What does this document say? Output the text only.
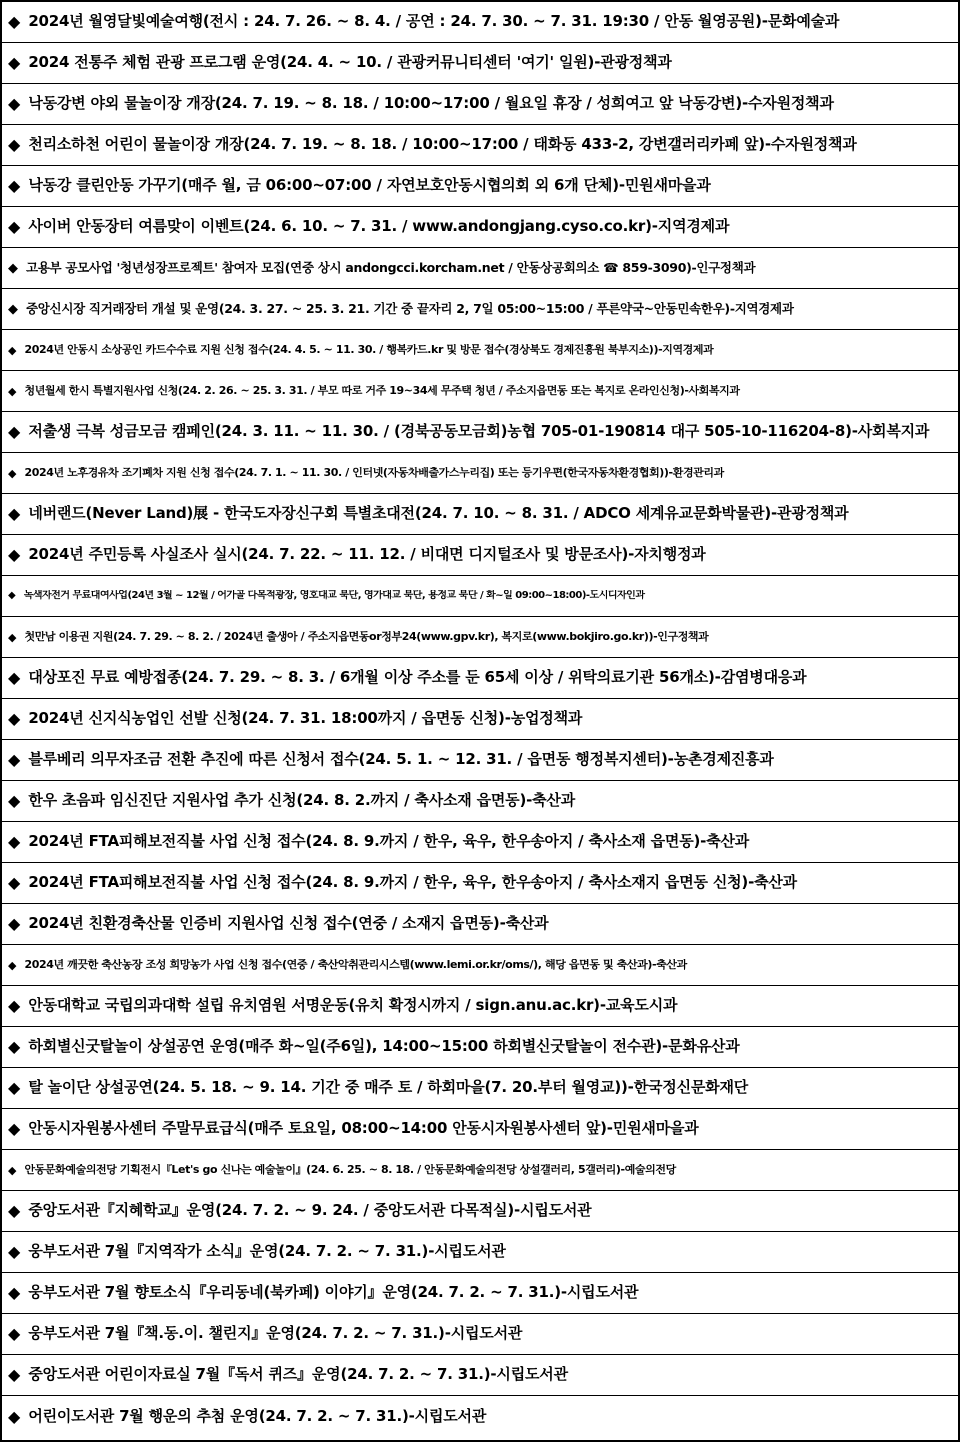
◆ 2024년 월영달빛예술여행(전시 : 24. 7. 26. ~ 8. 4. / 공연 : 24. 7. 30. ~ 7. 31. 19:30 / 안동 월영공원)-문화예술과
◆ 2024 전통주 체험 관광 프로그램 운영(24. 4. ~ 10. / 관광커뮤니티센터 '여기' 일원)-관광정책과
◆ 낙동강변 야외 물놀이장 개장(24. 7. 19. ~ 8. 18. / 10:00~17:00 / 월요일 휴장 / 성희여고 앞 낙동강변)-수자원정책과
◆ 천리소하천 어린이 물놀이장 개장(24. 7. 19. ~ 8. 18. / 10:00~17:00 / 태화동 433-2, 강변갤러리카페 앞)-수자원정책과
◆ 낙동강 클린안동 가꾸기(매주 월, 금 06:00~07:00 / 자연보호안동시협의회 외 6개 단체)-민원새마을과
◆ 사이버 안동장터 여름맞이 이벤트(24. 6. 10. ~ 7. 31. / www.andongjang.cyso.co.kr)-지역경제과
◆ 고용부 공모사업 '청년성장프로젝트' 참여자 모집(연중 상시 andongcci.korcham.net / 안동상공회의소 ☎ 859-3090)-인구정책과
◆ 중앙신시장 직거래장터 개설 및 운영(24. 3. 27. ~ 25. 3. 21. 기간 중 끝자리 2, 7일 05:00~15:00 / 푸른약국~안동민속한우)-지역경제과
◆ 2024년 안동시 소상공인 카드수수료 지원 신청 접수(24. 4. 5. ~ 11. 30. / 행복카드.kr 및 방문 접수(경상북도 경제진흥원 북부지소))-지역경제과
◆ 청년월세 한시 특별지원사업 신청(24. 2. 26. ~ 25. 3. 31. / 부모 따로 거주 19~34세 무주택 청년 / 주소지읍면동 또는 복지로 온라인신청)-사회복지과
◆ 저출생 극복 성금모금 캠페인(24. 3. 11. ~ 11. 30. / (경북공동모금회)농협 705-01-190814 대구 505-10-116204-8)-사회복지과
◆ 2024년 노후경유차 조기폐차 지원 신청 접수(24. 7. 1. ~ 11. 30. / 인터넷(자동차배출가스누리집) 또는 등기우편(한국자동차환경협회))-환경관리과
◆ 네버랜드(Never Land)展 - 한국도자장신구회 특별초대전(24. 7. 10. ~ 8. 31. / ADCO 세계유교문화박물관)-관광정책과
◆ 2024년 주민등록 사실조사 실시(24. 7. 22. ~ 11. 12. / 비대면 디지털조사 및 방문조사)-자치행정과
◆ 녹색자전거 무료대여사업(24년 3월 ~ 12월 / 어가골 다목적광장, 영호대교 북단, 영가대교 북단, 용정교 북단 / 화~일 09:00~18:00)-도시디자인과
◆ 첫만남 이용권 지원(24. 7. 29. ~ 8. 2. / 2024년 출생아 / 주소지읍면동or정부24(www.gpv.kr), 복지로(www.bokjiro.go.kr))-인구정책과
◆ 대상포진 무료 예방접종(24. 7. 29. ~ 8. 3. / 6개월 이상 주소를 둔 65세 이상 / 위탁의료기관 56개소)-감염병대응과
◆ 2024년 신지식농업인 선발 신청(24. 7. 31. 18:00까지 / 읍면동 신청)-농업정책과
◆ 블루베리 의무자조금 전환 추진에 따른 신청서 접수(24. 5. 1. ~ 12. 31. / 읍면동 행정복지센터)-농촌경제진흥과
◆ 한우 초음파 임신진단 지원사업 추가 신청(24. 8. 2.까지 / 축사소재 읍면동)-축산과
◆ 2024년 FTA피해보전직불 사업 신청 접수(24. 8. 9.까지 / 한우, 육우, 한우송아지 / 축사소재 읍면동)-축산과
◆ 2024년 FTA피해보전직불 사업 신청 접수(24. 8. 9.까지 / 한우, 육우, 한우송아지 / 축사소재지 읍면동 신청)-축산과
◆ 2024년 친환경축산물 인증비 지원사업 신청 접수(연중 / 소재지 읍면동)-축산과
◆ 2024년 깨끗한 축산농장 조성 희망농가 사업 신청 접수(연중 / 축산악취관리시스템(www.lemi.or.kr/oms/), 해당 읍면동 및 축산과)-축산과
◆ 안동대학교 국립의과대학 설립 유치염원 서명운동(유치 확정시까지 / sign.anu.ac.kr)-교육도시과
◆ 하회별신굿탈놀이 상설공연 운영(매주 화~일(주6일), 14:00~15:00 하회별신굿탈놀이 전수관)-문화유산과
◆ 탈 놀이단 상설공연(24. 5. 18. ~ 9. 14. 기간 중 매주 토 / 하회마을(7. 20.부터 월영교))-한국정신문화재단
◆ 안동시자원봉사센터 주말무료급식(매주 토요일, 08:00~14:00 안동시자원봉사센터 앞)-민원새마을과
◆ 안동문화예술의전당 기획전시『Let's go 신나는 예술놀이』(24. 6. 25. ~ 8. 18. / 안동문화예술의전당 상설갤러리, 5갤러리)-예술의전당
◆ 중앙도서관『지혜학교』운영(24. 7. 2. ~ 9. 24. / 중앙도서관 다목적실)-시립도서관
◆ 웅부도서관 7월『지역작가 소식』운영(24. 7. 2. ~ 7. 31.)-시립도서관
◆ 웅부도서관 7월 향토소식『우리동네(북카페) 이야기』운영(24. 7. 2. ~ 7. 31.)-시립도서관
◆ 웅부도서관 7월『책.동.이. 챌린지』운영(24. 7. 2. ~ 7. 31.)-시립도서관
◆ 중앙도서관 어린이자료실 7월『독서 퀴즈』운영(24. 7. 2. ~ 7. 31.)-시립도서관
◆ 어린이도서관 7월 행운의 추첨 운영(24. 7. 2. ~ 7. 31.)-시립도서관
